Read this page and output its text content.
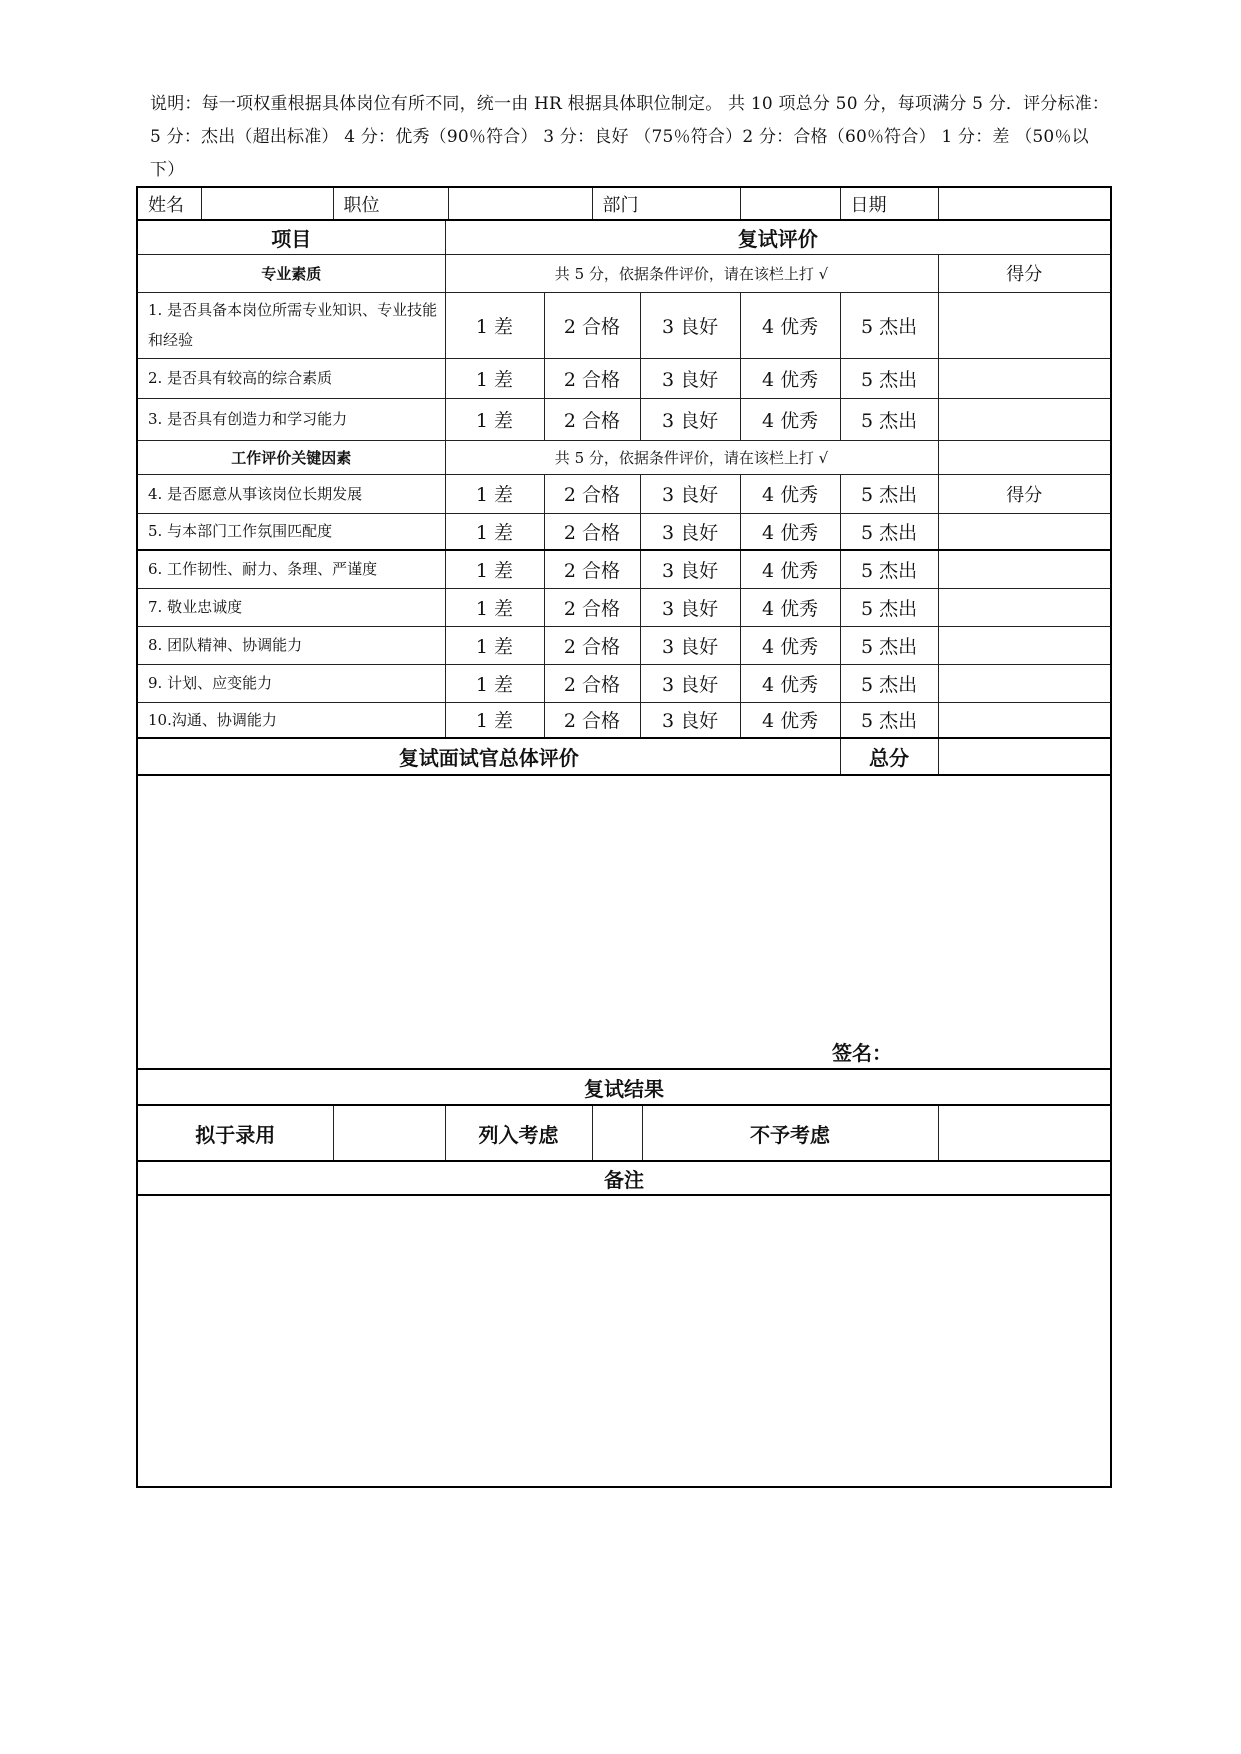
说明：每一项权重根据具体岗位有所不同，统一由 HR 根据具体职位制定。 共 10 项总分 50 分，每项满分 5 分．评分标准：5 分：杰出（超出标准） 4 分：优秀（90％符合） 3 分：良好 （75％符合）2 分：合格（60％符合） 1 分：差 （50％以下）
姓名		职位				部门				日期	
项目			复试评价								
专业素质			共 5 分，依据条件评价，请在该栏上打 √								得分
1. 是否具备本岗位所需专业知识、专业技能和经验			1 差		2 合格		3 良好		4 优秀	5 杰出	
2. 是否具有较高的综合素质			1 差		2 合格		3 良好		4 优秀	5 杰出	
3. 是否具有创造力和学习能力			1 差		2 合格		3 良好		4 优秀	5 杰出	
工作评价关键因素			共 5 分，依据条件评价，请在该栏上打 √								
4. 是否愿意从事该岗位长期发展			1 差		2 合格		3 良好		4 优秀	5 杰出	得分
5. 与本部门工作氛围匹配度			1 差		2 合格		3 良好		4 优秀	5 杰出	
6. 工作韧性、耐力、条理、严谨度			1 差		2 合格		3 良好		4 优秀	5 杰出	
7. 敬业忠诚度			1 差		2 合格		3 良好		4 优秀	5 杰出	
8. 团队精神、协调能力			1 差		2 合格		3 良好		4 优秀	5 杰出	
9. 计划、应变能力			1 差		2 合格		3 良好		4 优秀	5 杰出	
10.沟通、协调能力			1 差		2 合格		3 良好		4 优秀	5 杰出	
复试面试官总体评价										总分	

签名：											

复试结果											
拟于录用			列入考虑					不予考虑			
备注											
